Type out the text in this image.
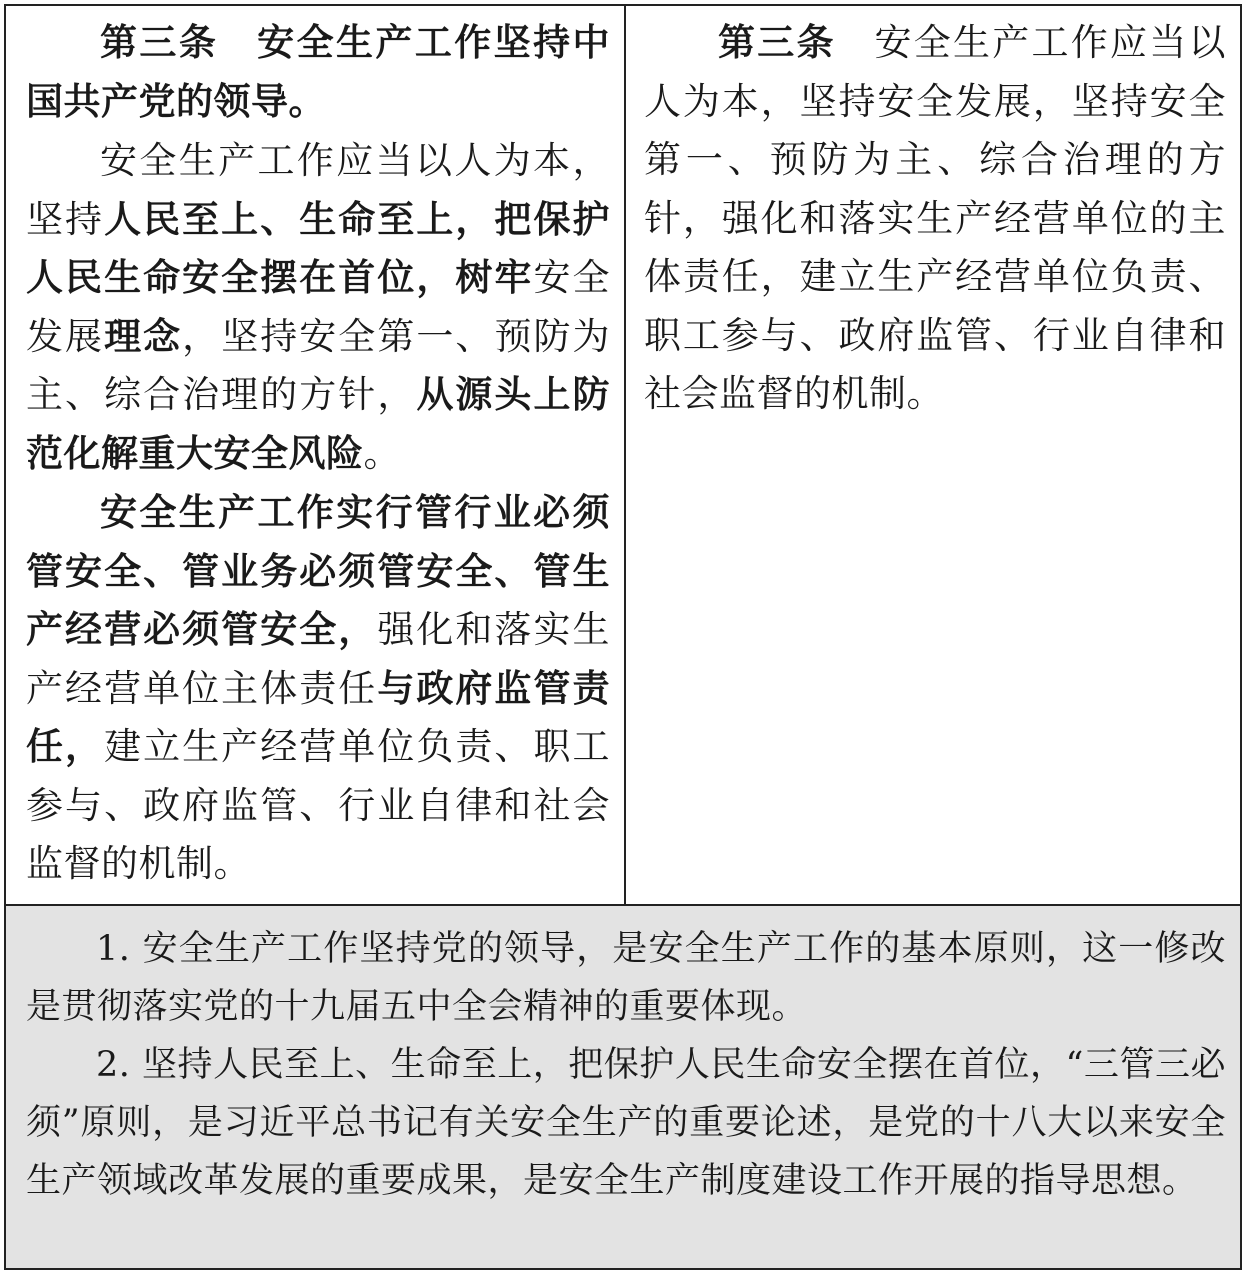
第三条 安全生产工作坚持中国共产党的领导。

安全生产工作应当以人为本，坚持人民至上、生命至上，把保护人民生命安全摆在首位，树牢安全发展理念，坚持安全第一、预防为主、综合治理的方针，从源头上防范化解重大安全风险。

安全生产工作实行管行业必须管安全、管业务必须管安全、管生产经营必须管安全，强化和落实生产经营单位主体责任与政府监管责任，建立生产经营单位负责、职工参与、政府监管、行业自律和社会监督的机制。

第三条 安全生产工作应当以人为本，坚持安全发展，坚持安全第一、预防为主、综合治理的方针，强化和落实生产经营单位的主体责任，建立生产经营单位负责、职工参与、政府监管、行业自律和社会监督的机制。

1. 安全生产工作坚持党的领导，是安全生产工作的基本原则，这一修改是贯彻落实党的十九届五中全会精神的重要体现。

2. 坚持人民至上、生命至上，把保护人民生命安全摆在首位，“三管三必须”原则，是习近平总书记有关安全生产的重要论述，是党的十八大以来安全生产领域改革发展的重要成果，是安全生产制度建设工作开展的指导思想。
